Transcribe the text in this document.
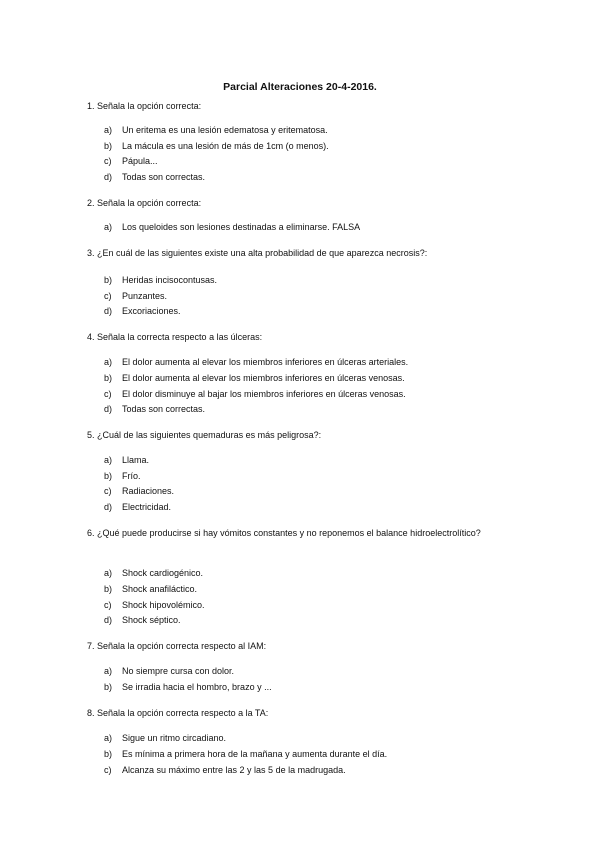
Parcial Alteraciones 20-4-2016.
1. Señala la opción correcta:
a) Un eritema es una lesión edematosa y eritematosa.
b) La mácula es una lesión de más de 1cm (o menos).
c) Pápula...
d) Todas son correctas.
2. Señala la opción correcta:
a) Los queloides son lesiones destinadas a eliminarse. FALSA
3. ¿En cuál de las siguientes existe una alta probabilidad de que aparezca necrosis?:
b) Heridas incisocontusas.
c) Punzantes.
d) Excoriaciones.
4. Señala la correcta respecto a las úlceras:
a) El dolor aumenta al elevar los miembros inferiores en úlceras arteriales.
b) El dolor aumenta al elevar los miembros inferiores en úlceras venosas.
c) El dolor disminuye al bajar los miembros inferiores en úlceras venosas.
d) Todas son correctas.
5. ¿Cuál de las siguientes quemaduras es más peligrosa?:
a) Llama.
b) Frío.
c) Radiaciones.
d) Electricidad.
6. ¿Qué puede producirse si hay vómitos constantes y no reponemos el balance hidroelectrolítico?
a) Shock cardiogénico.
b) Shock anafiláctico.
c) Shock hipovolémico.
d) Shock séptico.
7. Señala la opción correcta respecto al IAM:
a) No siempre cursa con dolor.
b) Se irradia hacia el hombro, brazo y ...
8. Señala la opción correcta respecto a la TA:
a) Sigue un ritmo circadiano.
b) Es mínima a primera hora de la mañana y aumenta durante el día.
c) Alcanza su máximo entre las 2 y las 5 de la madrugada.
